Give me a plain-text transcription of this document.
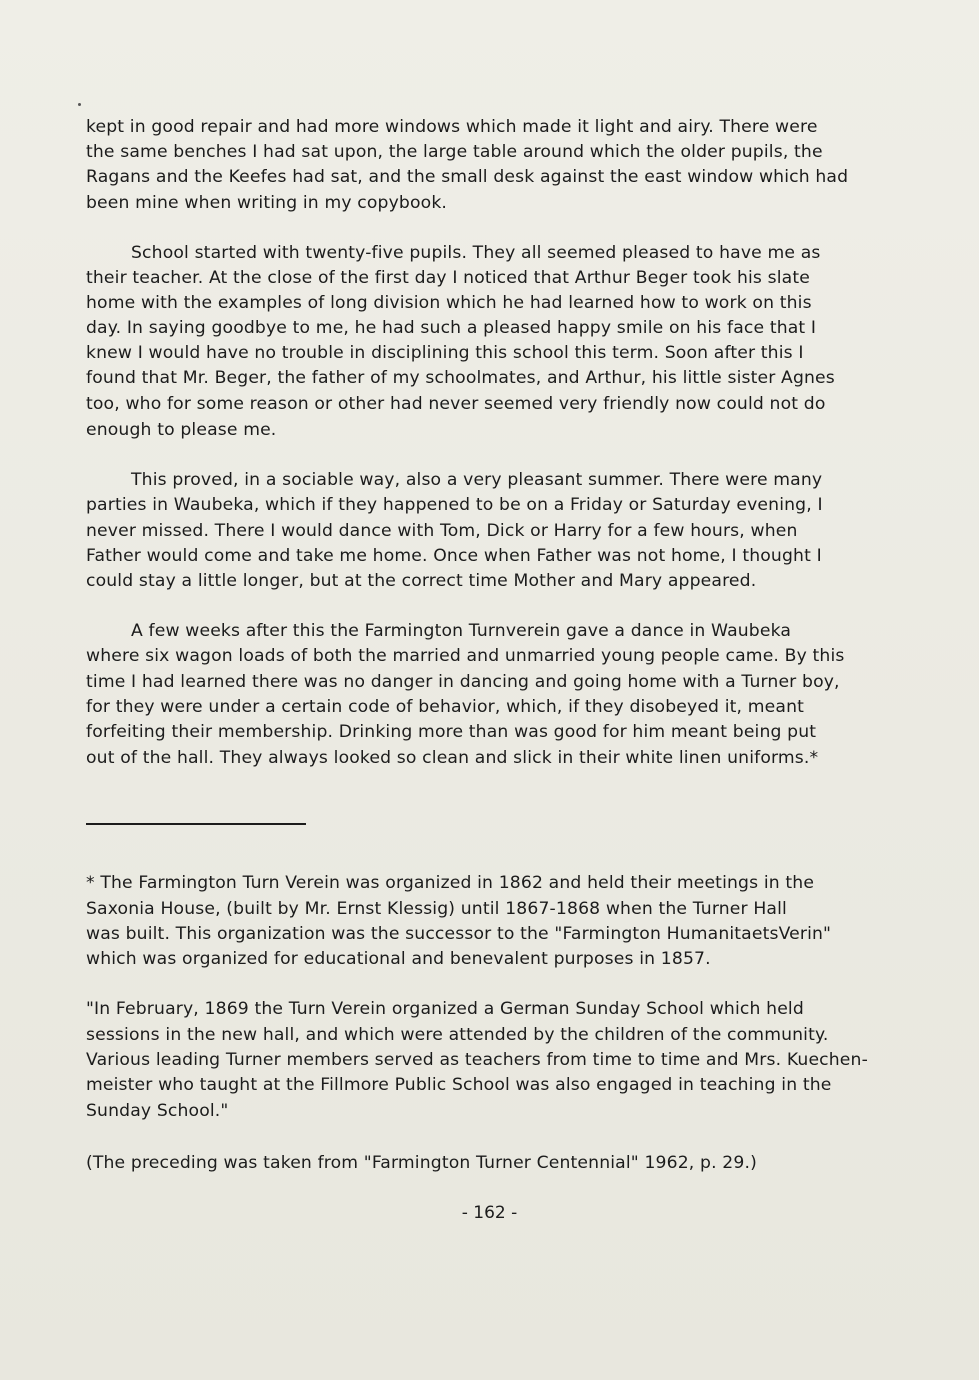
kept in good repair and had more windows which made it light and airy. There were
the same benches I had sat upon, the large table around which the older pupils, the
Ragans and the Keefes had sat, and the small desk against the east window which had
been mine when writing in my copybook.
School started with twenty-five pupils. They all seemed pleased to have me as
their teacher. At the close of the first day I noticed that Arthur Beger took his slate
home with the examples of long division which he had learned how to work on this
day. In saying goodbye to me, he had such a pleased happy smile on his face that I
knew I would have no trouble in disciplining this school this term. Soon after this I
found that Mr. Beger, the father of my schoolmates, and Arthur, his little sister Agnes
too, who for some reason or other had never seemed very friendly now could not do
enough to please me.
This proved, in a sociable way, also a very pleasant summer. There were many
parties in Waubeka, which if they happened to be on a Friday or Saturday evening, I
never missed. There I would dance with Tom, Dick or Harry for a few hours, when
Father would come and take me home. Once when Father was not home, I thought I
could stay a little longer, but at the correct time Mother and Mary appeared.
A few weeks after this the Farmington Turnverein gave a dance in Waubeka
where six wagon loads of both the married and unmarried young people came. By this
time I had learned there was no danger in dancing and going home with a Turner boy,
for they were under a certain code of behavior, which, if they disobeyed it, meant
forfeiting their membership. Drinking more than was good for him meant being put
out of the hall. They always looked so clean and slick in their white linen uniforms.*
* The Farmington Turn Verein was organized in 1862 and held their meetings in the
Saxonia House, (built by Mr. Ernst Klessig) until 1867-1868 when the Turner Hall
was built. This organization was the successor to the "Farmington HumanitaetsVerin"
which was organized for educational and benevalent purposes in 1857.
"In February, 1869 the Turn Verein organized a German Sunday School which held
sessions in the new hall, and which were attended by the children of the community.
Various leading Turner members served as teachers from time to time and Mrs. Kuechen-
meister who taught at the Fillmore Public School was also engaged in teaching in the
Sunday School."
(The preceding was taken from "Farmington Turner Centennial" 1962, p. 29.)
- 162 -
